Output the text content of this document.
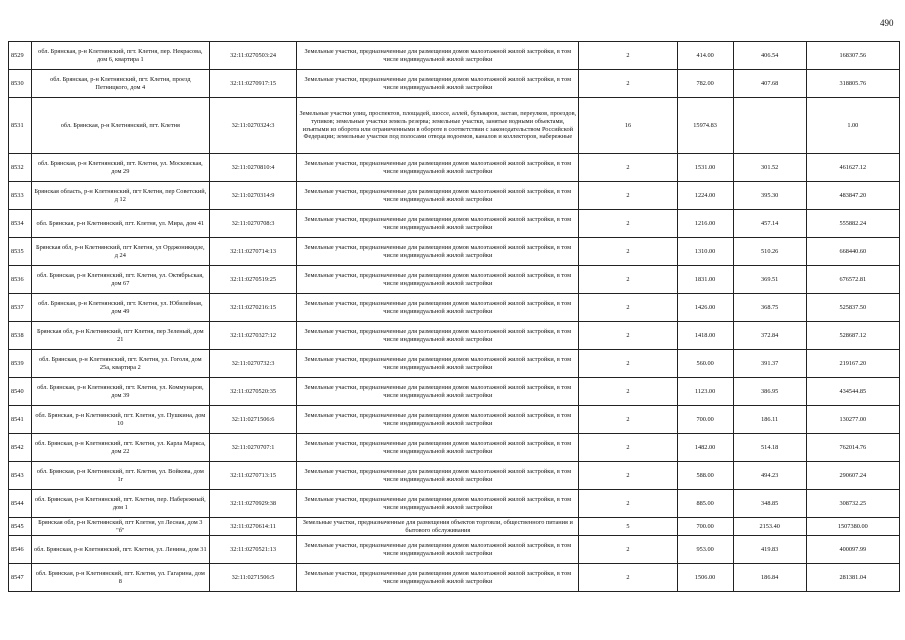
490
8529	обл. Брянская, р-н Клетнянский, пгт. Клетня, пер. Некрасова, дом 6, квартира 1	32:11:0270503:24	Земельные участки, предназначенные для размещения домов малоэтажной жилой застройки, в том числе индивидуальной жилой застройки	2	414.00	406.54	168307.56
8530	обл. Брянская, р-н Клетнянский, пгт. Клетня, проезд Петницкого, дом 4	32:11:0270917:15	Земельные участки, предназначенные для размещения домов малоэтажной жилой застройки, в том числе индивидуальной жилой застройки	2	782.00	407.68	318805.76
8531	обл. Брянская, р-н Клетнянский, пгт. Клетня	32:11:0270324:3	Земельные участки улиц, проспектов, площадей, шоссе, аллей, бульваров, застав, переулков, проездов, тупиков; земельные участки земель резерва; земельные участки, занятые водными объектами, изъятыми из оборота или ограниченными в обороте в соответствии с законодательством Российской Федерации; земельные участки под полосами отвода водоемов, каналов и коллекторов, набережные	16	15974.83		1.00
8532	обл. Брянская, р-н Клетнянский, пгт. Клетня, ул. Московская, дом 29	32:11:0270810:4	Земельные участки, предназначенные для размещения домов малоэтажной жилой застройки, в том числе индивидуальной жилой застройки	2	1531.00	301.52	461627.12
8533	Брянская область, р-н Клетнянский, пгт Клетня, пер Советский, д 12	32:11:0270314:9	Земельные участки, предназначенные для размещения домов малоэтажной жилой застройки, в том числе индивидуальной жилой застройки	2	1224.00	395.30	483847.20
8534	обл. Брянская, р-н Клетнянский, пгт. Клетня, ул. Мира, дом 41	32:11:0270708:3	Земельные участки, предназначенные для размещения домов малоэтажной жилой застройки, в том числе индивидуальной жилой застройки	2	1216.00	457.14	555882.24
8535	Брянская обл, р-н Клетнянский, пгт Клетня, ул Орджоникидзе, д 24	32:11:0270714:13	Земельные участки, предназначенные для размещения домов малоэтажной жилой застройки, в том числе индивидуальной жилой застройки	2	1310.00	510.26	668440.60
8536	обл. Брянская, р-н Клетнянский, пгт. Клетня, ул. Октябрьская, дом 67	32:11:0270519:25	Земельные участки, предназначенные для размещения домов малоэтажной жилой застройки, в том числе индивидуальной жилой застройки	2	1831.00	369.51	676572.81
8537	обл. Брянская, р-н Клетнянский, пгт. Клетня, ул. Юбилейная, дом 49	32:11:0270216:15	Земельные участки, предназначенные для размещения домов малоэтажной жилой застройки, в том числе индивидуальной жилой застройки	2	1426.00	368.75	525837.50
8538	Брянская обл, р-н Клетнянский, пгт Клетня, пер Зеленый, дом 21	32:11:0270327:12	Земельные участки, предназначенные для размещения домов малоэтажной жилой застройки, в том числе индивидуальной жилой застройки	2	1418.00	372.84	528687.12
8539	обл. Брянская, р-н Клетнянский, пгт. Клетня, ул. Гоголя, дом 25а, квартира 2	32:11:0270732:3	Земельные участки, предназначенные для размещения домов малоэтажной жилой застройки, в том числе индивидуальной жилой застройки	2	560.00	391.37	219167.20
8540	обл. Брянская, р-н Клетнянский, пгт. Клетня, ул. Коммунаров, дом 39	32:11:0270520:35	Земельные участки, предназначенные для размещения домов малоэтажной жилой застройки, в том числе индивидуальной жилой застройки	2	1123.00	386.95	434544.85
8541	обл. Брянская, р-н Клетнянский, пгт. Клетня, ул. Пушкина, дом 10	32:11:0271506:6	Земельные участки, предназначенные для размещения домов малоэтажной жилой застройки, в том числе индивидуальной жилой застройки	2	700.00	186.11	130277.00
8542	обл. Брянская, р-н Клетнянский, пгт. Клетня, ул. Карла Маркса, дом 22	32:11:0270707:1	Земельные участки, предназначенные для размещения домов малоэтажной жилой застройки, в том числе индивидуальной жилой застройки	2	1482.00	514.18	762014.76
8543	обл. Брянская, р-н Клетнянский, пгт. Клетня, ул. Войкова, дом 1г	32:11:0270713:15	Земельные участки, предназначенные для размещения домов малоэтажной жилой застройки, в том числе индивидуальной жилой застройки	2	588.00	494.23	290607.24
8544	обл. Брянская, р-н Клетнянский, пгт. Клетня, пер. Набережный, дом 1	32:11:0270929:38	Земельные участки, предназначенные для размещения домов малоэтажной жилой застройки, в том числе индивидуальной жилой застройки	2	885.00	348.85	308732.25
8545	Брянская обл, р-н Клетнянский, пгт Клетня, ул Лесная, дом 3 "б"	32:11:0270614:11	Земельные участки, предназначенные для размещения объектов торговли, общественного питания и бытового обслуживания	5	700.00	2153.40	1507380.00
8546	обл. Брянская, р-н Клетнянский, пгт. Клетня, ул. Ленина, дом 31	32:11:0270521:13	Земельные участки, предназначенные для размещения домов малоэтажной жилой застройки, в том числе индивидуальной жилой застройки	2	953.00	419.83	400097.99
8547	обл. Брянская, р-н Клетнянский, пгт. Клетня, ул. Гагарина, дом 8	32:11:0271506:5	Земельные участки, предназначенные для размещения домов малоэтажной жилой застройки, в том числе индивидуальной жилой застройки	2	1506.00	186.84	281381.04
